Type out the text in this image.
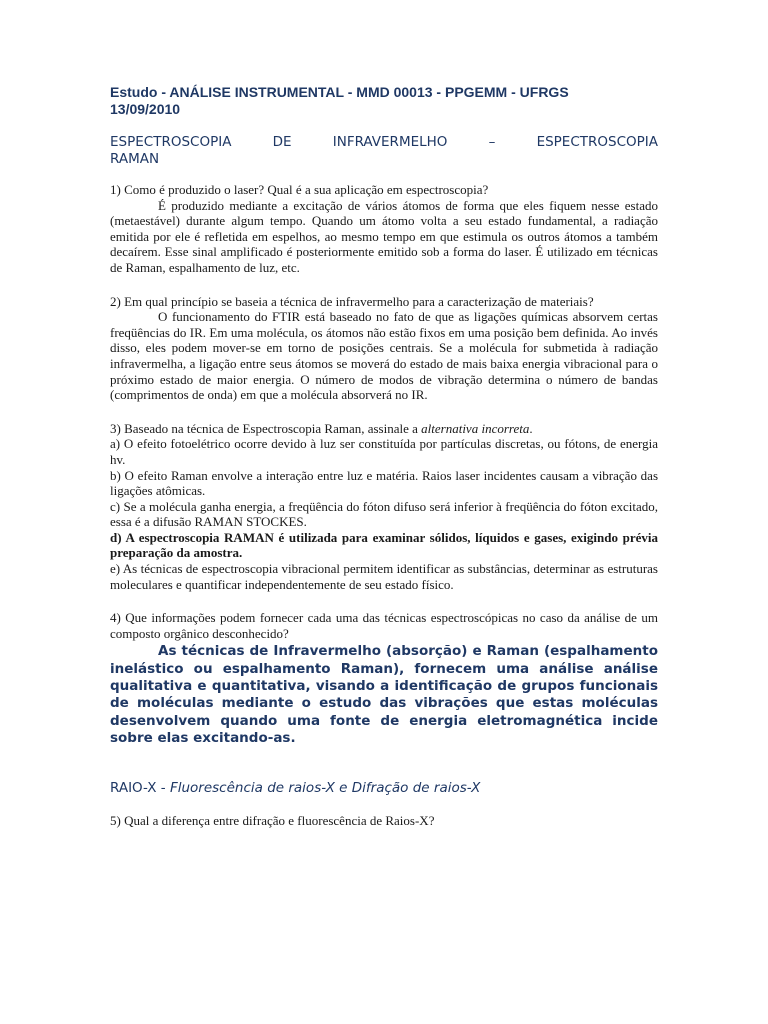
Estudo - ANÁLISE INSTRUMENTAL - MMD 00013 - PPGEMM - UFRGS
13/09/2010

ESPECTROSCOPIA DE INFRAVERMELHO – ESPECTROSCOPIA
RAMAN

1) Como é produzido o laser? Qual é a sua aplicação em espectroscopia?

É produzido mediante a excitação de vários átomos de forma que eles fiquem nesse estado (metaestável) durante algum tempo. Quando um átomo volta a seu estado fundamental, a radiação emitida por ele é refletida em espelhos, ao mesmo tempo em que estimula os outros átomos a também decaírem. Esse sinal amplificado é posteriormente emitido sob a forma do laser. É utilizado em técnicas de Raman, espalhamento de luz, etc.

2) Em qual princípio se baseia a técnica de infravermelho para a caracterização de materiais?

O funcionamento do FTIR está baseado no fato de que as ligações químicas absorvem certas freqüências do IR. Em uma molécula, os átomos não estão fixos em uma posição bem definida. Ao invés disso, eles podem mover-se em torno de posições centrais. Se a molécula for submetida à radiação infravermelha, a ligação entre seus átomos se moverá do estado de mais baixa energia vibracional para o próximo estado de maior energia. O número de modos de vibração determina o número de bandas (comprimentos de onda) em que a molécula absorverá no IR.

3) Baseado na técnica de Espectroscopia Raman, assinale a alternativa incorreta.

a) O efeito fotoelétrico ocorre devido à luz ser constituída por partículas discretas, ou fótons, de energia hv.

b) O efeito Raman envolve a interação entre luz e matéria. Raios laser incidentes causam a vibração das ligações atômicas.

c) Se a molécula ganha energia, a freqüência do fóton difuso será inferior à freqüência do fóton excitado, essa é a difusão RAMAN STOCKES.

d) A espectroscopia RAMAN é utilizada para examinar sólidos, líquidos e gases, exigindo prévia preparação da amostra.

e) As técnicas de espectroscopia vibracional permitem identificar as substâncias, determinar as estruturas moleculares e quantificar independentemente de seu estado físico.

4) Que informações podem fornecer cada uma das técnicas espectroscópicas no caso da análise de um composto orgânico desconhecido?

As técnicas de Infravermelho (absorção) e Raman (espalhamento inelástico ou espalhamento Raman), fornecem uma análise análise qualitativa e quantitativa, visando a identificação de grupos funcionais de moléculas mediante o estudo das vibrações que estas moléculas desenvolvem quando uma fonte de energia eletromagnética incide sobre elas excitando-as.

RAIO-X - Fluorescência de raios-X e Difração de raios-X

5) Qual a diferença entre difração e fluorescência de Raios-X?
